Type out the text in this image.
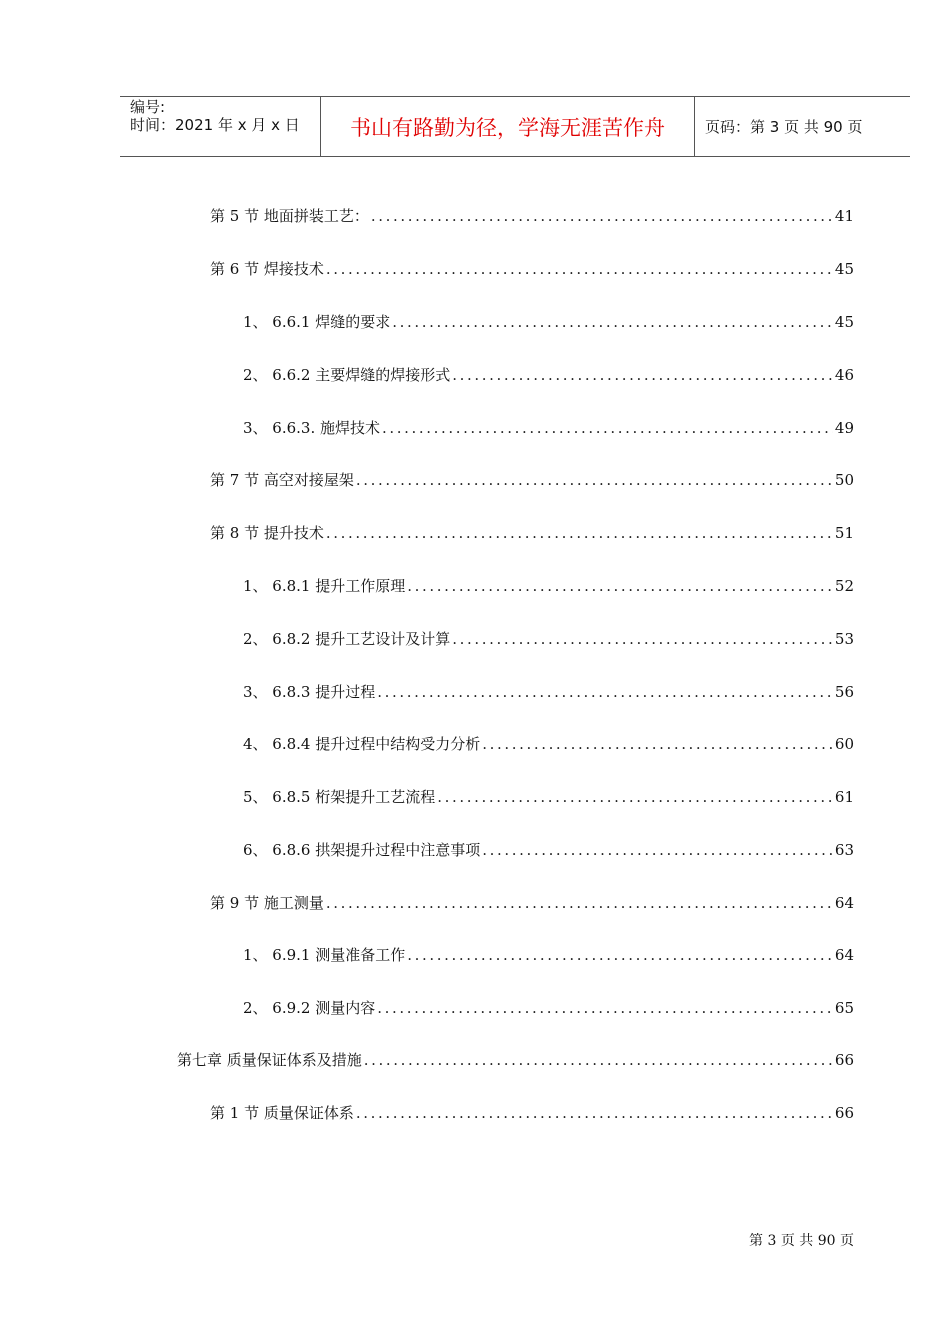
编号:
时间：2021 年 x 月 x 日	书山有路勤为径，学海无涯苦作舟	页码：第 3 页 共 90 页
第 5 节 地面拼装工艺： .....	41
第 6 节 焊接技术 .....	45
1、 6.6.1 焊缝的要求 .....	45
2、 6.6.2 主要焊缝的焊接形式 .....	46
3、 6.6.3. 施焊技术 .....	49
第 7 节 高空对接屋架 .....	50
第 8 节 提升技术 .....	51
1、 6.8.1 提升工作原理 .....	52
2、 6.8.2 提升工艺设计及计算 .....	53
3、 6.8.3 提升过程 .....	56
4、 6.8.4 提升过程中结构受力分析 .....	60
5、 6.8.5 桁架提升工艺流程 .....	61
6、 6.8.6 拱架提升过程中注意事项 .....	63
第 9 节 施工测量 .....	64
1、 6.9.1 测量准备工作 .....	64
2、 6.9.2 测量内容 .....	65
第七章 质量保证体系及措施 .....	66
第 1 节 质量保证体系 .....	66
第 3 页 共 90 页
